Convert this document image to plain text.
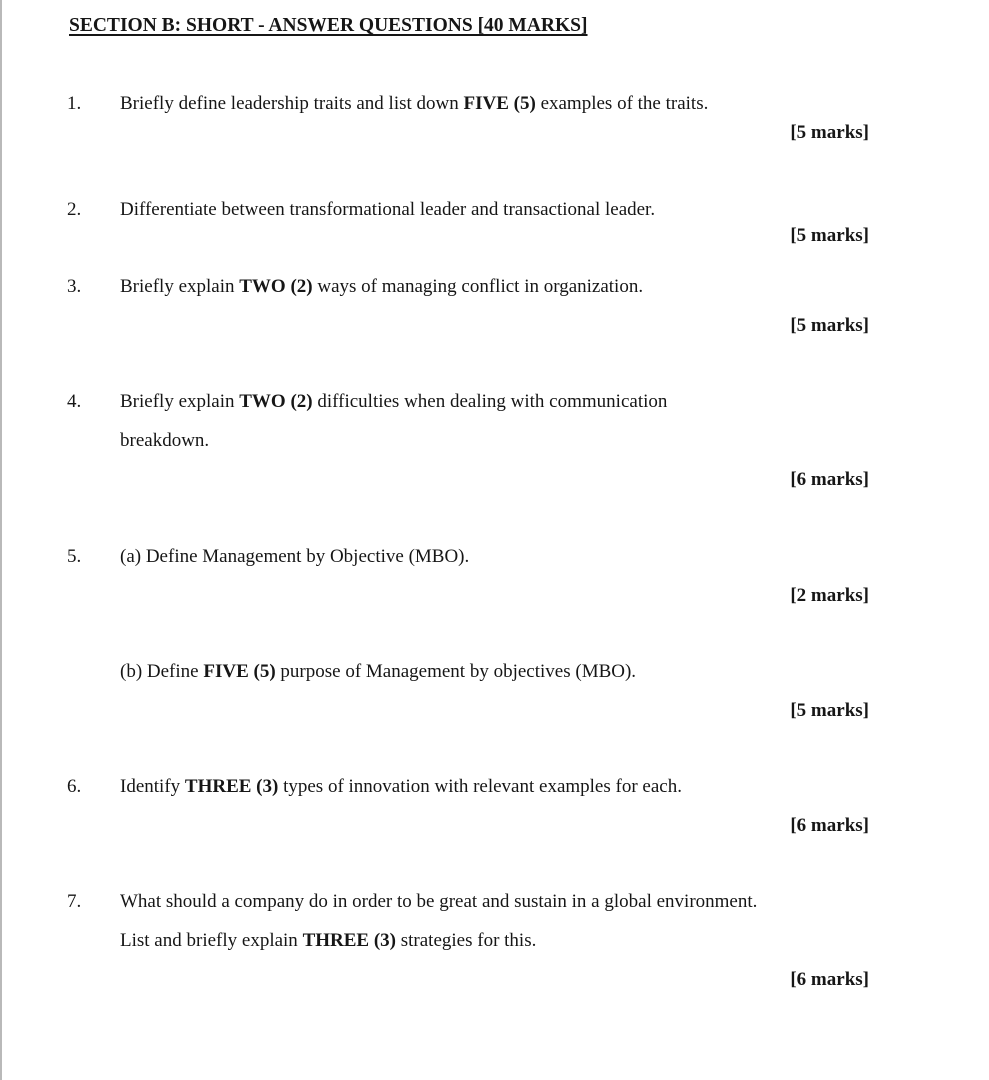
SECTION B: SHORT - ANSWER QUESTIONS [40 MARKS]
1. Briefly define leadership traits and list down FIVE (5) examples of the traits.
[5 marks]
2. Differentiate between transformational leader and transactional leader.
[5 marks]
3. Briefly explain TWO (2) ways of managing conflict in organization.
[5 marks]
4. Briefly explain TWO (2) difficulties when dealing with communication
breakdown.
[6 marks]
5. (a) Define Management by Objective (MBO).
[2 marks]
(b) Define FIVE (5) purpose of Management by objectives (MBO).
[5 marks]
6. Identify THREE (3) types of innovation with relevant examples for each.
[6 marks]
7. What should a company do in order to be great and sustain in a global environment.
List and briefly explain THREE (3) strategies for this.
[6 marks]
